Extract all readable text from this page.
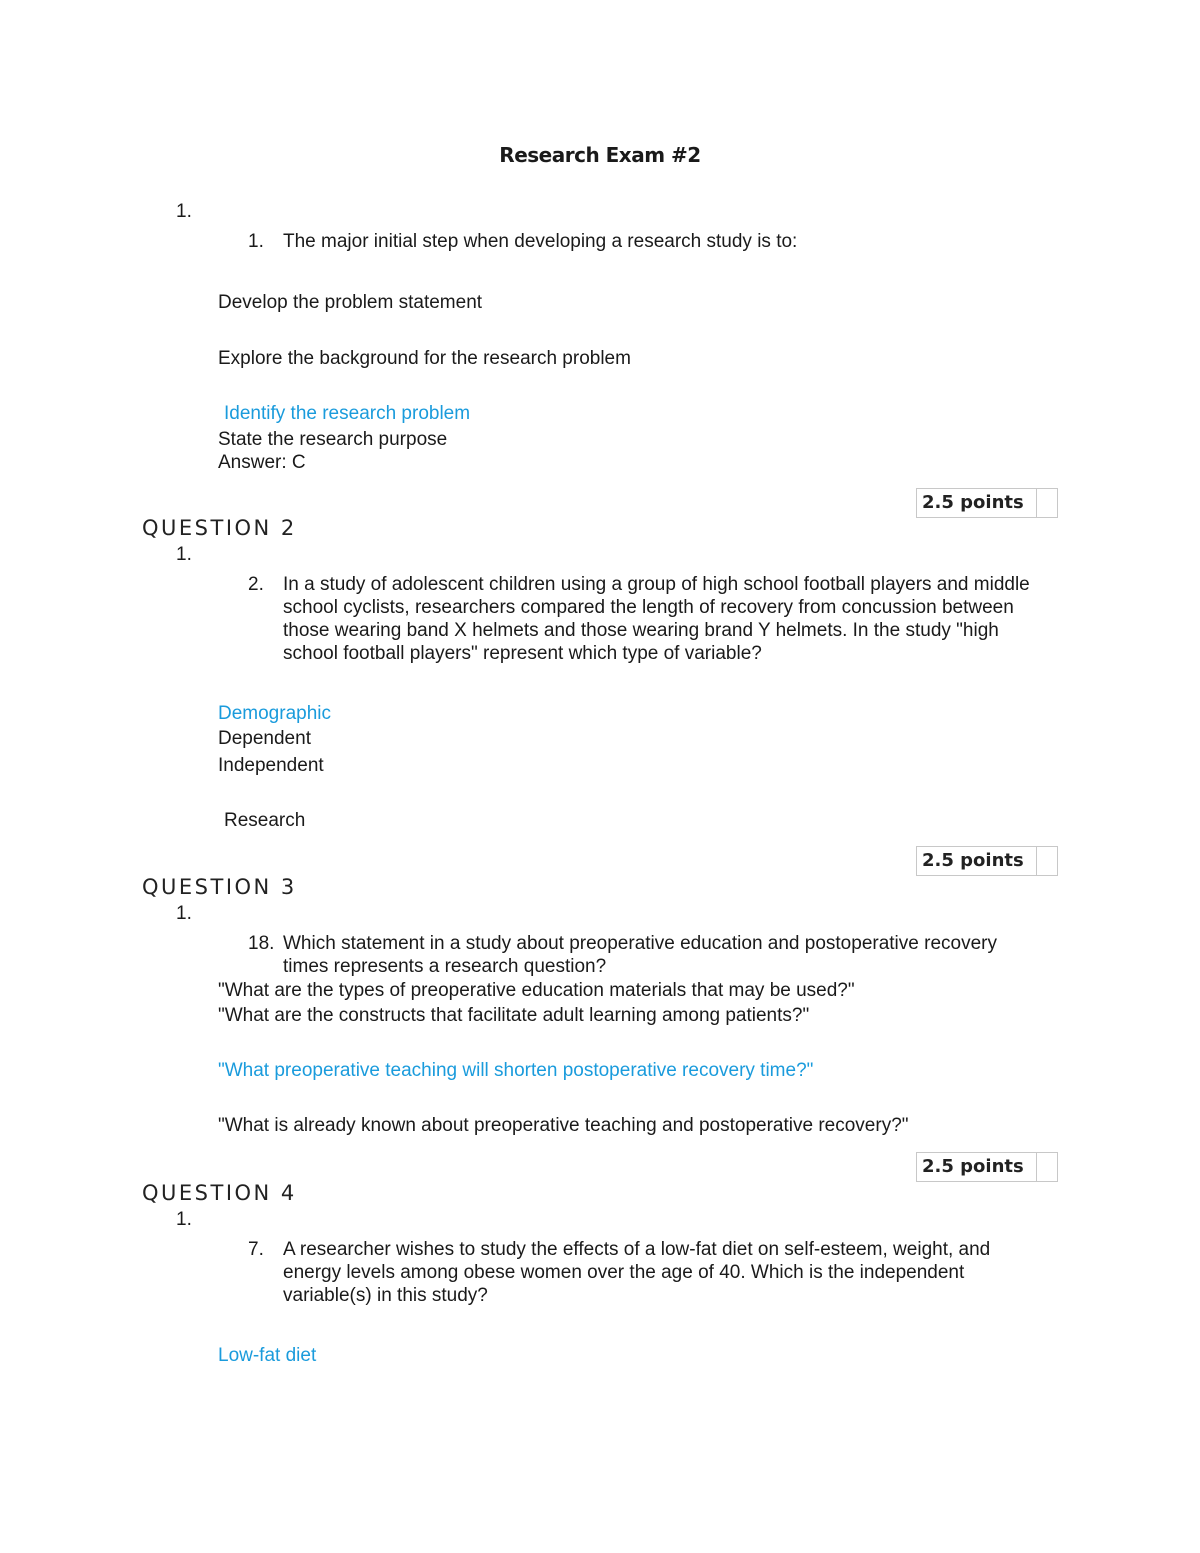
Research Exam #2
1.
1. The major initial step when developing a research study is to:
Develop the problem statement
Explore the background for the research problem
Identify the research problem
State the research purpose
Answer: C
2.5 points
QUESTION 2
1.
2. In a study of adolescent children using a group of high school football players and middle school cyclists, researchers compared the length of recovery from concussion between those wearing band X helmets and those wearing brand Y helmets. In the study "high school football players" represent which type of variable?
Demographic
Dependent
Independent
Research
2.5 points
QUESTION 3
1.
18. Which statement in a study about preoperative education and postoperative recovery times represents a research question?
"What are the types of preoperative education materials that may be used?"
"What are the constructs that facilitate adult learning among patients?"
"What preoperative teaching will shorten postoperative recovery time?"
"What is already known about preoperative teaching and postoperative recovery?"
2.5 points
QUESTION 4
1.
7. A researcher wishes to study the effects of a low-fat diet on self-esteem, weight, and energy levels among obese women over the age of 40. Which is the independent variable(s) in this study?
Low-fat diet
